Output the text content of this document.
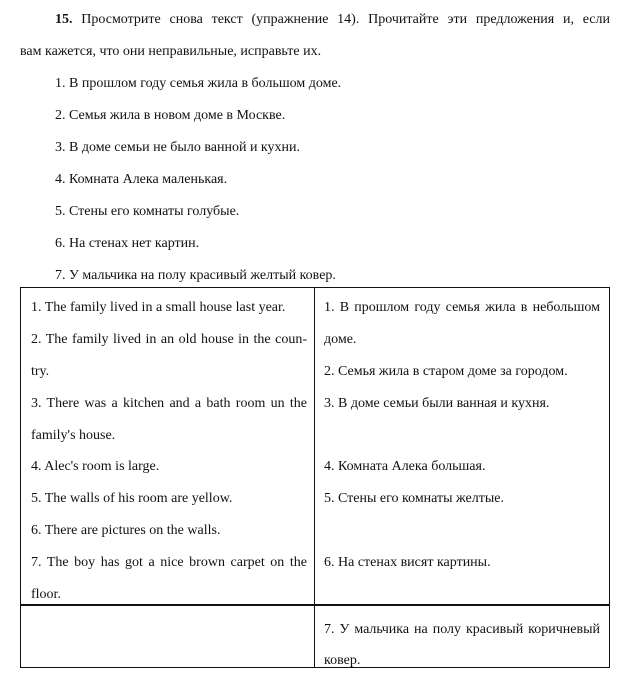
15. Просмотрите снова текст (упражнение 14). Прочитайте эти предложения и, если
вам кажется, что они неправильные, исправьте их.
1. В прошлом году семья жила в большом доме.
2. Семья жила в новом доме в Москве.
3. В доме семьи не было ванной и кухни.
4. Комната Алека маленькая.
5. Стены его комнаты голубые.
6. На стенах нет картин.
7. У мальчика на полу красивый желтый ковер.
1. The family lived in a small house last year.
2. The family lived in an old house in the coun-
try.
3. There was a kitchen and a bath room un the
family's house.
4. Alec's room is large.
5. The walls of his room are yellow.
6. There are pictures on the walls.
7. The boy has got a nice brown carpet on the
floor.
1. В прошлом году семья жила в небольшом
доме.
2. Семья жила в старом доме за городом.
3. В доме семьи были ванная и кухня.
4. Комната Алека большая.
5. Стены его комнаты желтые.
6. На стенах висят картины.
7. У мальчика на полу красивый коричневый
ковер.
